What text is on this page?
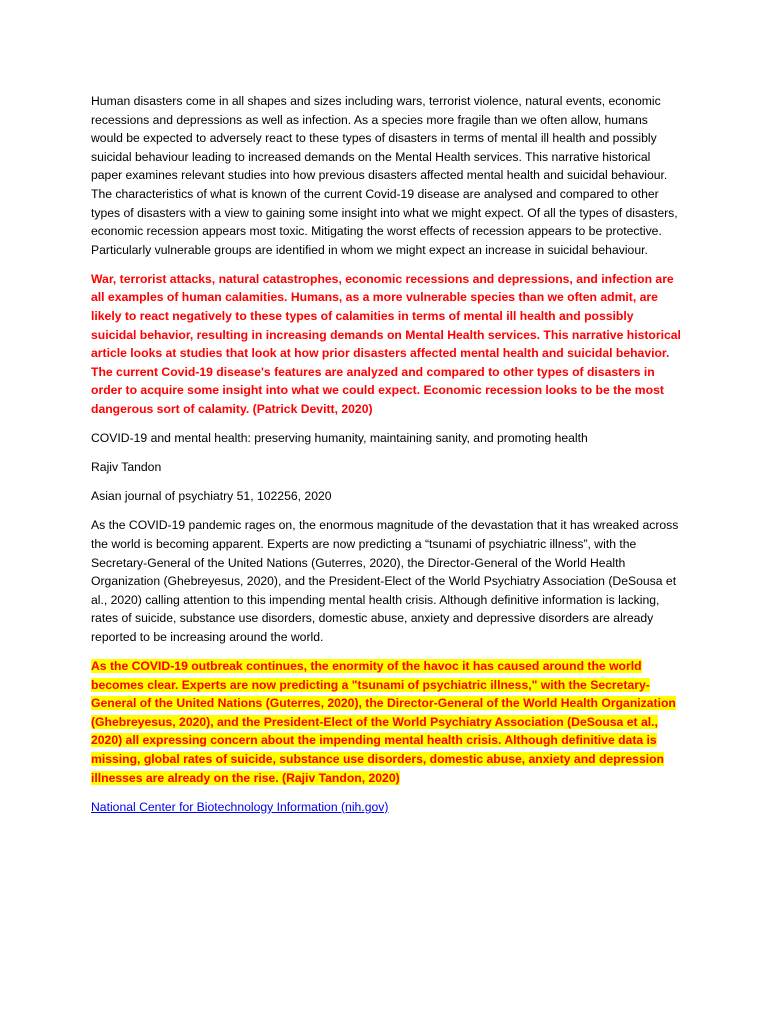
Human disasters come in all shapes and sizes including wars, terrorist violence, natural events, economic recessions and depressions as well as infection. As a species more fragile than we often allow, humans would be expected to adversely react to these types of disasters in terms of mental ill health and possibly suicidal behaviour leading to increased demands on the Mental Health services. This narrative historical paper examines relevant studies into how previous disasters affected mental health and suicidal behaviour. The characteristics of what is known of the current Covid-19 disease are analysed and compared to other types of disasters with a view to gaining some insight into what we might expect. Of all the types of disasters, economic recession appears most toxic. Mitigating the worst effects of recession appears to be protective. Particularly vulnerable groups are identified in whom we might expect an increase in suicidal behaviour.

War, terrorist attacks, natural catastrophes, economic recessions and depressions, and infection are all examples of human calamities. Humans, as a more vulnerable species than we often admit, are likely to react negatively to these types of calamities in terms of mental ill health and possibly suicidal behavior, resulting in increasing demands on Mental Health services. This narrative historical article looks at studies that look at how prior disasters affected mental health and suicidal behavior. The current Covid-19 disease's features are analyzed and compared to other types of disasters in order to acquire some insight into what we could expect. Economic recession looks to be the most dangerous sort of calamity. (Patrick Devitt, 2020)

COVID-19 and mental health: preserving humanity, maintaining sanity, and promoting health

Rajiv Tandon

Asian journal of psychiatry 51, 102256, 2020

As the COVID-19 pandemic rages on, the enormous magnitude of the devastation that it has wreaked across the world is becoming apparent. Experts are now predicting a “tsunami of psychiatric illness”, with the Secretary-General of the United Nations (Guterres, 2020), the Director-General of the World Health Organization (Ghebreyesus, 2020), and the President-Elect of the World Psychiatry Association (DeSousa et al., 2020) calling attention to this impending mental health crisis. Although definitive information is lacking, rates of suicide, substance use disorders, domestic abuse, anxiety and depressive disorders are already reported to be increasing around the world.

As the COVID-19 outbreak continues, the enormity of the havoc it has caused around the world becomes clear. Experts are now predicting a "tsunami of psychiatric illness," with the Secretary-General of the United Nations (Guterres, 2020), the Director-General of the World Health Organization (Ghebreyesus, 2020), and the President-Elect of the World Psychiatry Association (DeSousa et al., 2020) all expressing concern about the impending mental health crisis. Although definitive data is missing, global rates of suicide, substance use disorders, domestic abuse, anxiety and depression illnesses are already on the rise. (Rajiv Tandon, 2020)

National Center for Biotechnology Information (nih.gov)
